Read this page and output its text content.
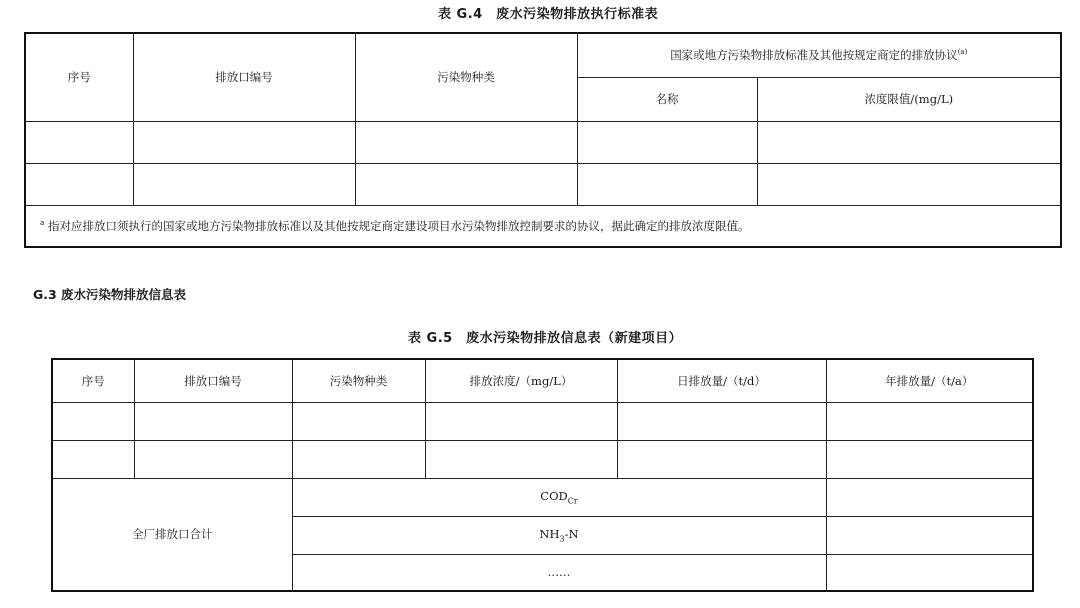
表 G.4　废水污染物排放执行标准表
序号	排放口编号	污染物种类	国家或地方污染物排放标准及其他按规定商定的排放协议$^{(a)}$
			名称	浓度限值/(mg/L)

$^a$ 指对应排放口须执行的国家或地方污染物排放标准以及其他按规定商定建设项目水污染物排放控制要求的协议，据此确定的排放浓度限值。				
G.3 废水污染物排放信息表
表 G.5　废水污染物排放信息表（新建项目）
序号	排放口编号	污染物种类	排放浓度/（mg/L）	日排放量/（t/d）	年排放量/（t/a）

全厂排放口合计		$COD_{Cr}$	
		$NH_3-N$			
		……			
